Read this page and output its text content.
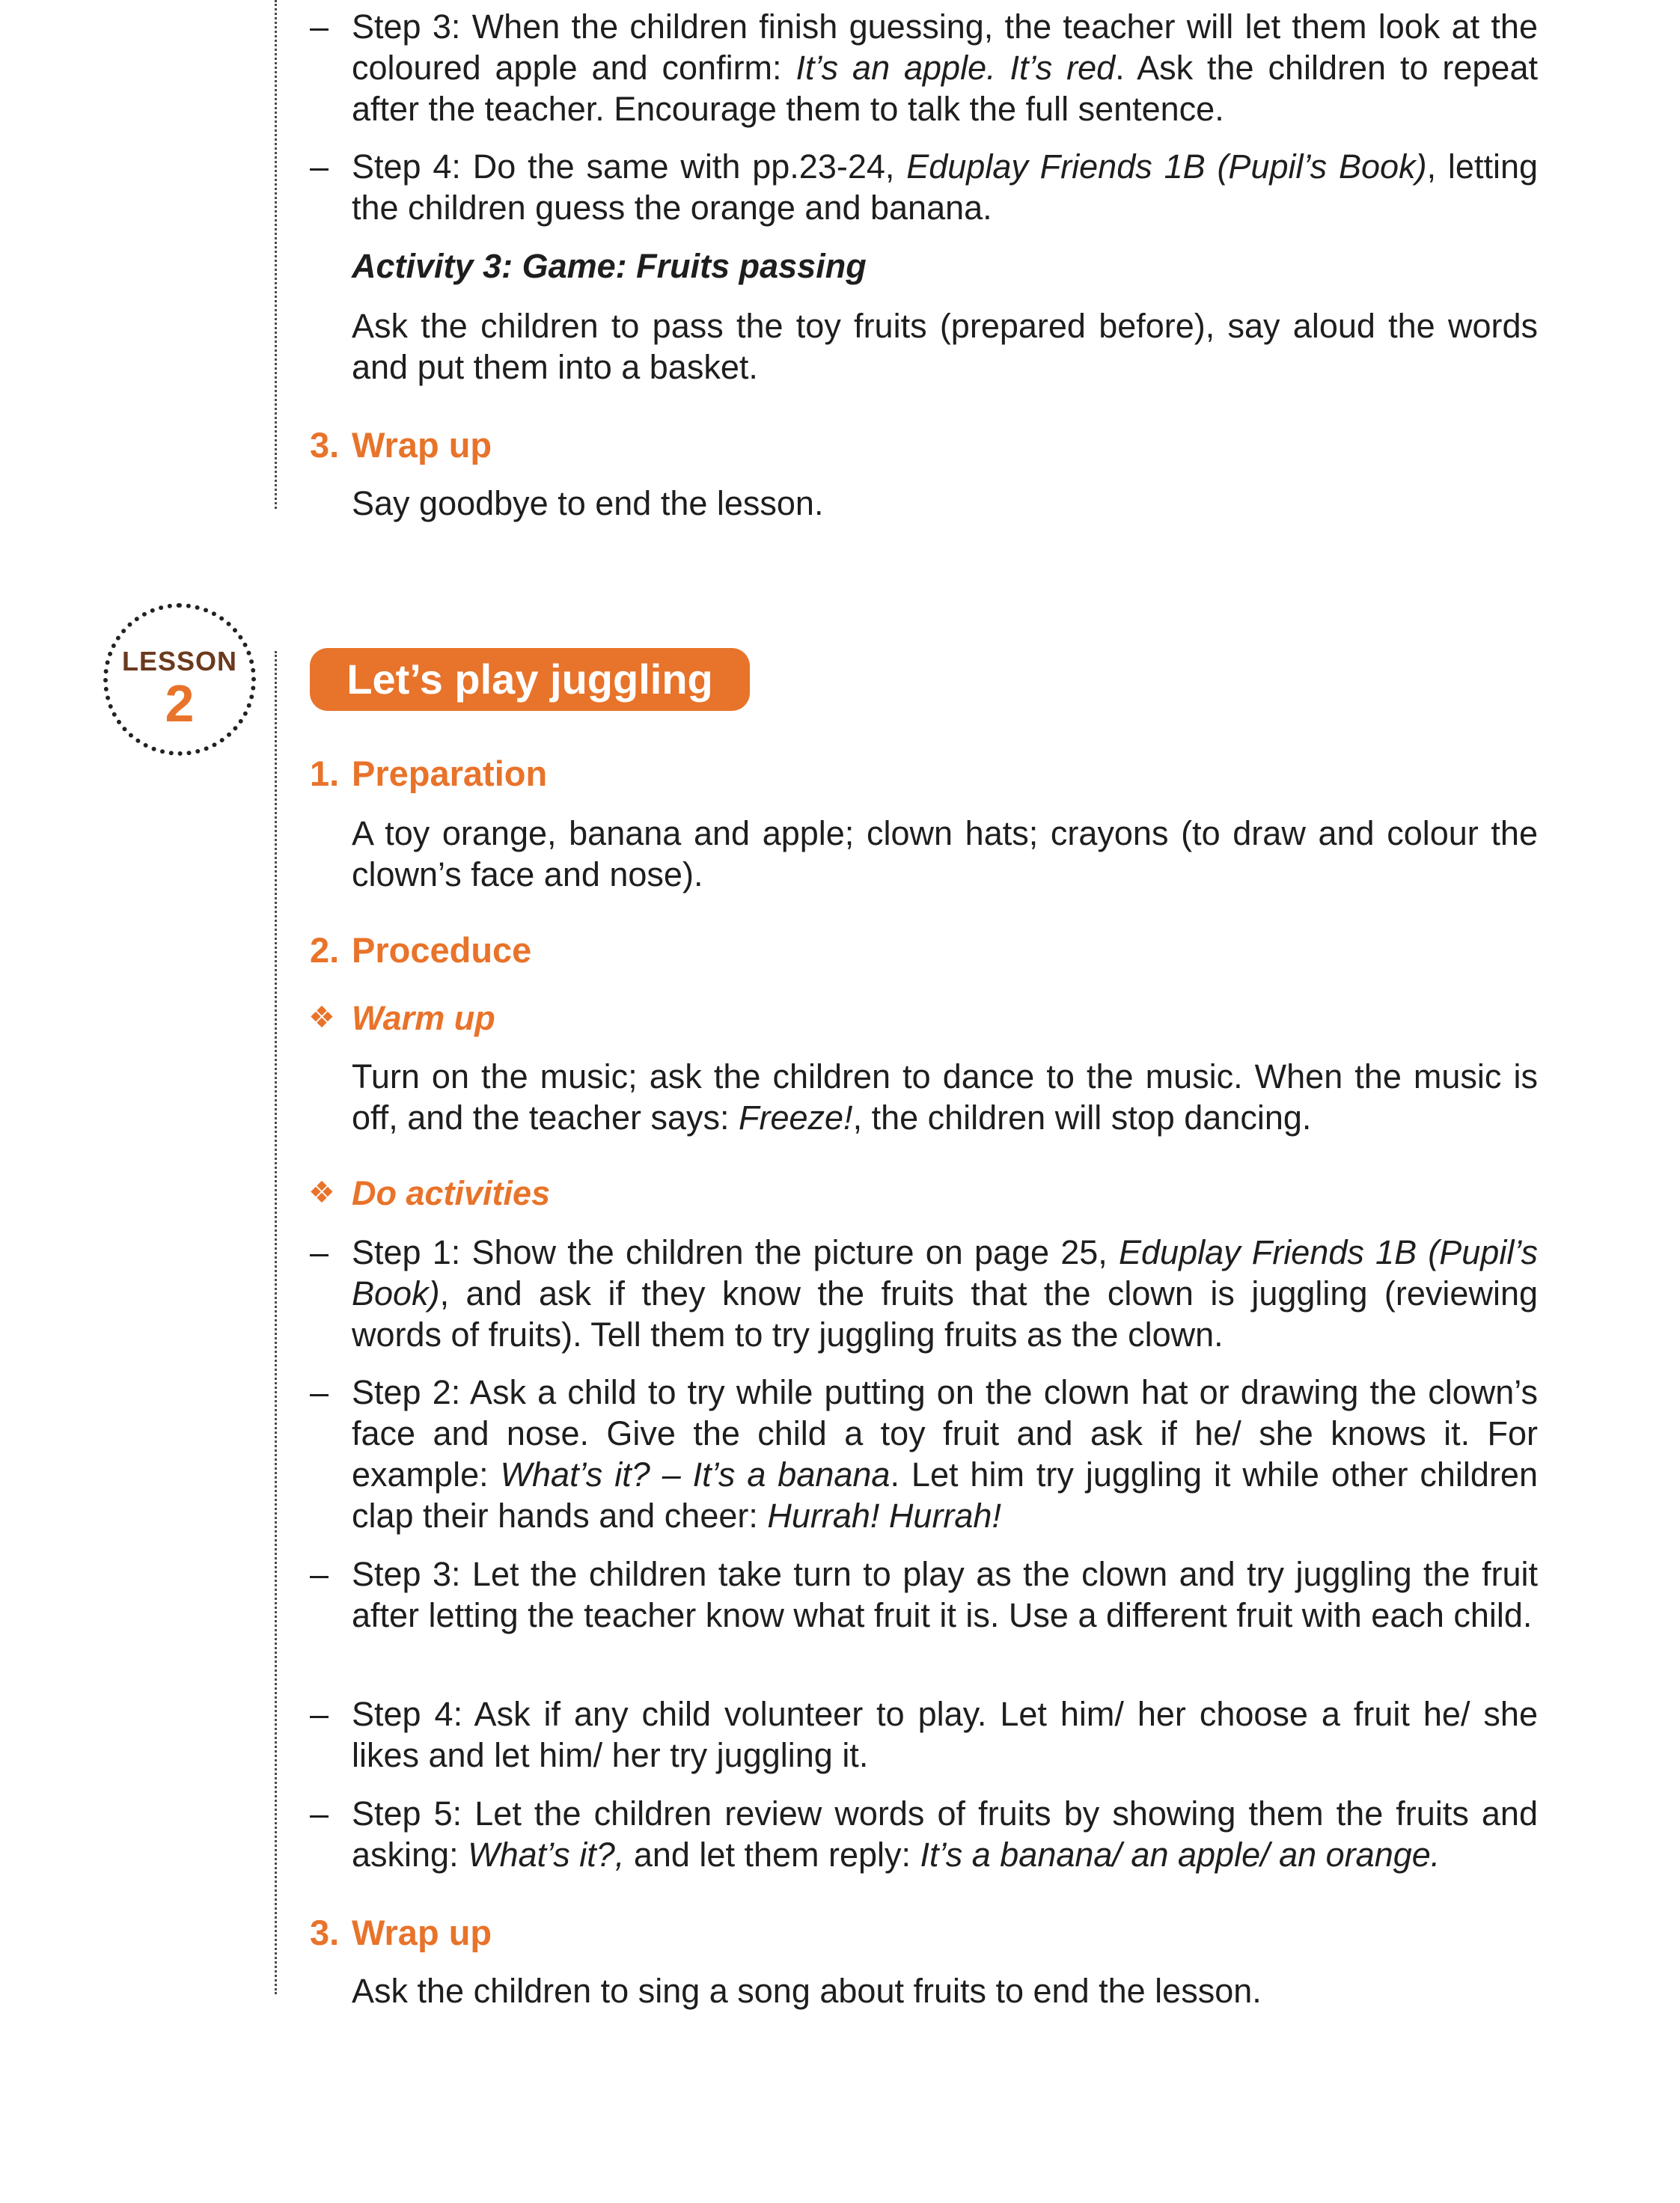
– Step 3: When the children finish guessing, the teacher will let them look at the coloured apple and confirm: It’s an apple. It’s red. Ask the children to repeat after the teacher. Encourage them to talk the full sentence.

– Step 4: Do the same with pp.23-24, Eduplay Friends 1B (Pupil’s Book), letting the children guess the orange and banana.

Activity 3: Game: Fruits passing

Ask the children to pass the toy fruits (prepared before), say aloud the words and put them into a basket.

3. Wrap up

Say goodbye to end the lesson.

LESSON
2	Let’s play juggling
1. Preparation

A toy orange, banana and apple; clown hats; crayons (to draw and colour the clown’s face and nose).

2. Proceduce
❖ Warm up

Turn on the music; ask the children to dance to the music. When the music is off, and the teacher says: Freeze!, the children will stop dancing.

❖ Do activities
– Step 1: Show the children the picture on page 25, Eduplay Friends 1B (Pupil’s Book), and ask if they know the fruits that the clown is juggling (reviewing words of fruits). Tell them to try juggling fruits as the clown.

– Step 2: Ask a child to try while putting on the clown hat or drawing the clown’s face and nose. Give the child a toy fruit and ask if he/ she knows it. For example: What’s it? – It’s a banana. Let him try juggling it while other children clap their hands and cheer: Hurrah! Hurrah!

– Step 3: Let the children take turn to play as the clown and try juggling the fruit after letting the teacher know what fruit it is. Use a different fruit with each child.

– Step 4: Ask if any child volunteer to play. Let him/ her choose a fruit he/ she likes and let him/ her try juggling it.

– Step 5: Let the children review words of fruits by showing them the fruits and asking: What’s it?, and let them reply: It’s a banana/ an apple/ an orange.

3. Wrap up

Ask the children to sing a song about fruits to end the lesson.
